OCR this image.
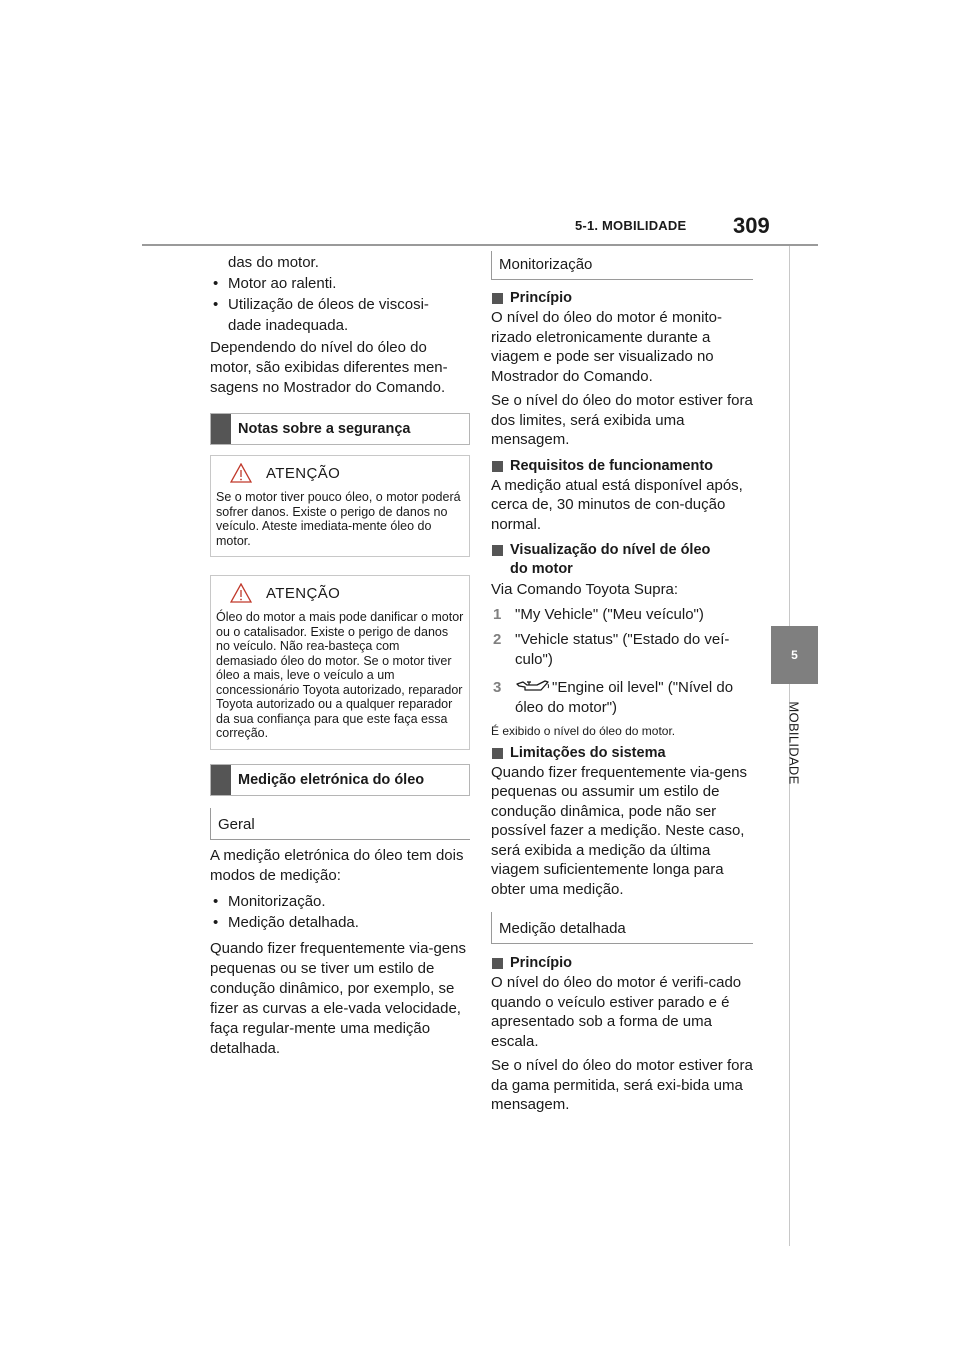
5-1. MOBILIDADE 309
5
MOBILIDADE
das do motor.
• Motor ao ralenti.
• Utilização de óleos de viscosi-
dade inadequada.

Dependendo do nível do óleo do motor, são exibidas diferentes men-sagens no Mostrador do Comando.

Notas sobre a segurança
ATENÇÃO
Se o motor tiver pouco óleo, o motor poderá sofrer danos. Existe o perigo de danos no veículo. Ateste imediata-mente óleo do motor.
ATENÇÃO
Óleo do motor a mais pode danificar o motor ou o catalisador. Existe o perigo de danos no veículo. Não rea-basteça com demasiado óleo do motor. Se o motor tiver óleo a mais, leve o veículo a um concessionário Toyota autorizado, reparador Toyota autorizado ou a qualquer reparador da sua confiança para que este faça essa correção.
Medição eletrónica do óleo
Geral

A medição eletrónica do óleo tem dois modos de medição:

• Monitorização.
• Medição detalhada.

Quando fizer frequentemente via-gens pequenas ou se tiver um estilo de condução dinâmico, por exemplo, se fizer as curvas a ele-vada velocidade, faça regular-mente uma medição detalhada.

Monitorização
Princípio

O nível do óleo do motor é monito-rizado eletronicamente durante a viagem e pode ser visualizado no Mostrador do Comando.

Se o nível do óleo do motor estiver fora dos limites, será exibida uma mensagem.

Requisitos de funcionamento

A medição atual está disponível após, cerca de, 30 minutos de con-dução normal.

Visualização do nível de óleo
do motor

Via Comando Toyota Supra:

1 "My Vehicle" ("Meu veículo")
2 "Vehicle status" ("Estado do veí-culo")
3	"Engine oil level" ("Nível do óleo do motor")

É exibido o nível do óleo do motor.

Limitações do sistema

Quando fizer frequentemente via-gens pequenas ou assumir um estilo de condução dinâmica, pode não ser possível fazer a medição. Neste caso, será exibida a medição da última viagem suficientemente longa para obter uma medição.

Medição detalhada
Princípio

O nível do óleo do motor é verifi-cado quando o veículo estiver parado e é apresentado sob a forma de uma escala.

Se o nível do óleo do motor estiver fora da gama permitida, será exi-bida uma mensagem.
